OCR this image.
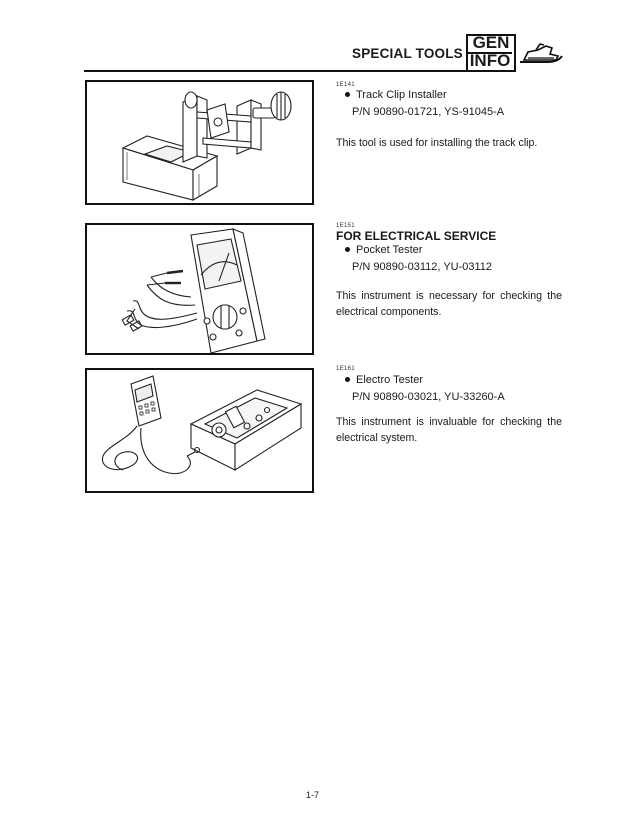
SPECIAL TOOLS
GEN
INFO
1E141
Track Clip Installer
P/N 90890-01721, YS-91045-A
This tool is used for installing the track clip.
1E151
FOR ELECTRICAL SERVICE
Pocket Tester
P/N 90890-03112, YU-03112
This instrument is necessary for checking the electrical components.
1E161
Electro Tester
P/N 90890-03021, YU-33260-A
This instrument is invaluable for checking the electrical system.
1-7
